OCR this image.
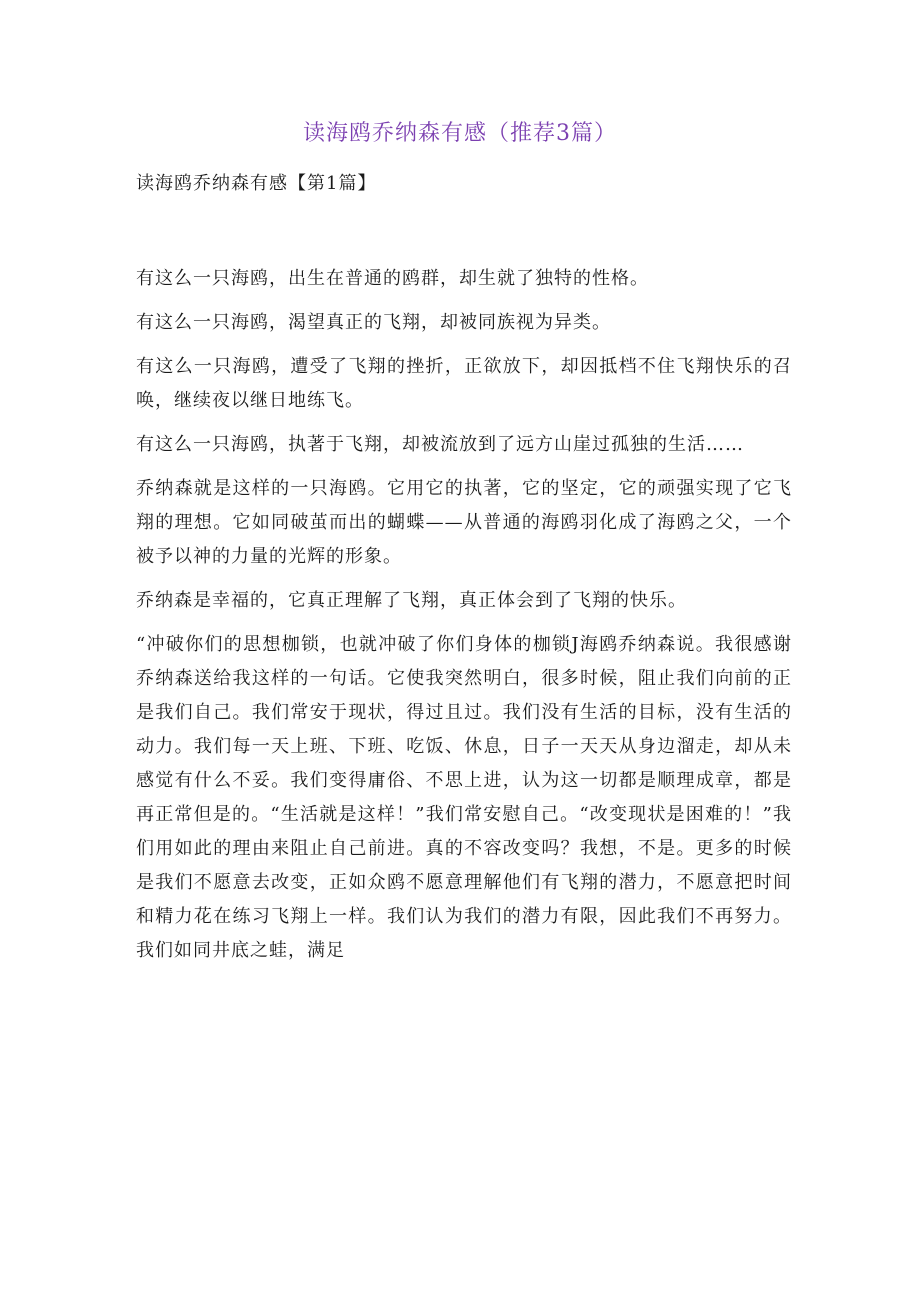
读海鸥乔纳森有感（推荐3篇）
读海鸥乔纳森有感【第1篇】

有这么一只海鸥，出生在普通的鸥群，却生就了独特的性格。

有这么一只海鸥，渴望真正的飞翔，却被同族视为异类。

有这么一只海鸥，遭受了飞翔的挫折，正欲放下，却因抵档不住飞翔快乐的召唤，继续夜以继日地练飞。

有这么一只海鸥，执著于飞翔，却被流放到了远方山崖过孤独的生活……

乔纳森就是这样的一只海鸥。它用它的执著，它的坚定，它的顽强实现了它飞翔的理想。它如同破茧而出的蝴蝶——从普通的海鸥羽化成了海鸥之父，一个被予以神的力量的光辉的形象。

乔纳森是幸福的，它真正理解了飞翔，真正体会到了飞翔的快乐。

“冲破你们的思想枷锁，也就冲破了你们身体的枷锁J海鸥乔纳森说。我很感谢乔纳森送给我这样的一句话。它使我突然明白，很多时候，阻止我们向前的正是我们自己。我们常安于现状，得过且过。我们没有生活的目标，没有生活的动力。我们每一天上班、下班、吃饭、休息，日子一天天从身边溜走，却从未感觉有什么不妥。我们变得庸俗、不思上进，认为这一切都是顺理成章，都是再正常但是的。“生活就是这样！”我们常安慰自己。“改变现状是困难的！”我们用如此的理由来阻止自己前进。真的不容改变吗？我想，不是。更多的时候是我们不愿意去改变，正如众鸥不愿意理解他们有飞翔的潜力，不愿意把时间和精力花在练习飞翔上一样。我们认为我们的潜力有限，因此我们不再努力。我们如同井底之蛙，满足
